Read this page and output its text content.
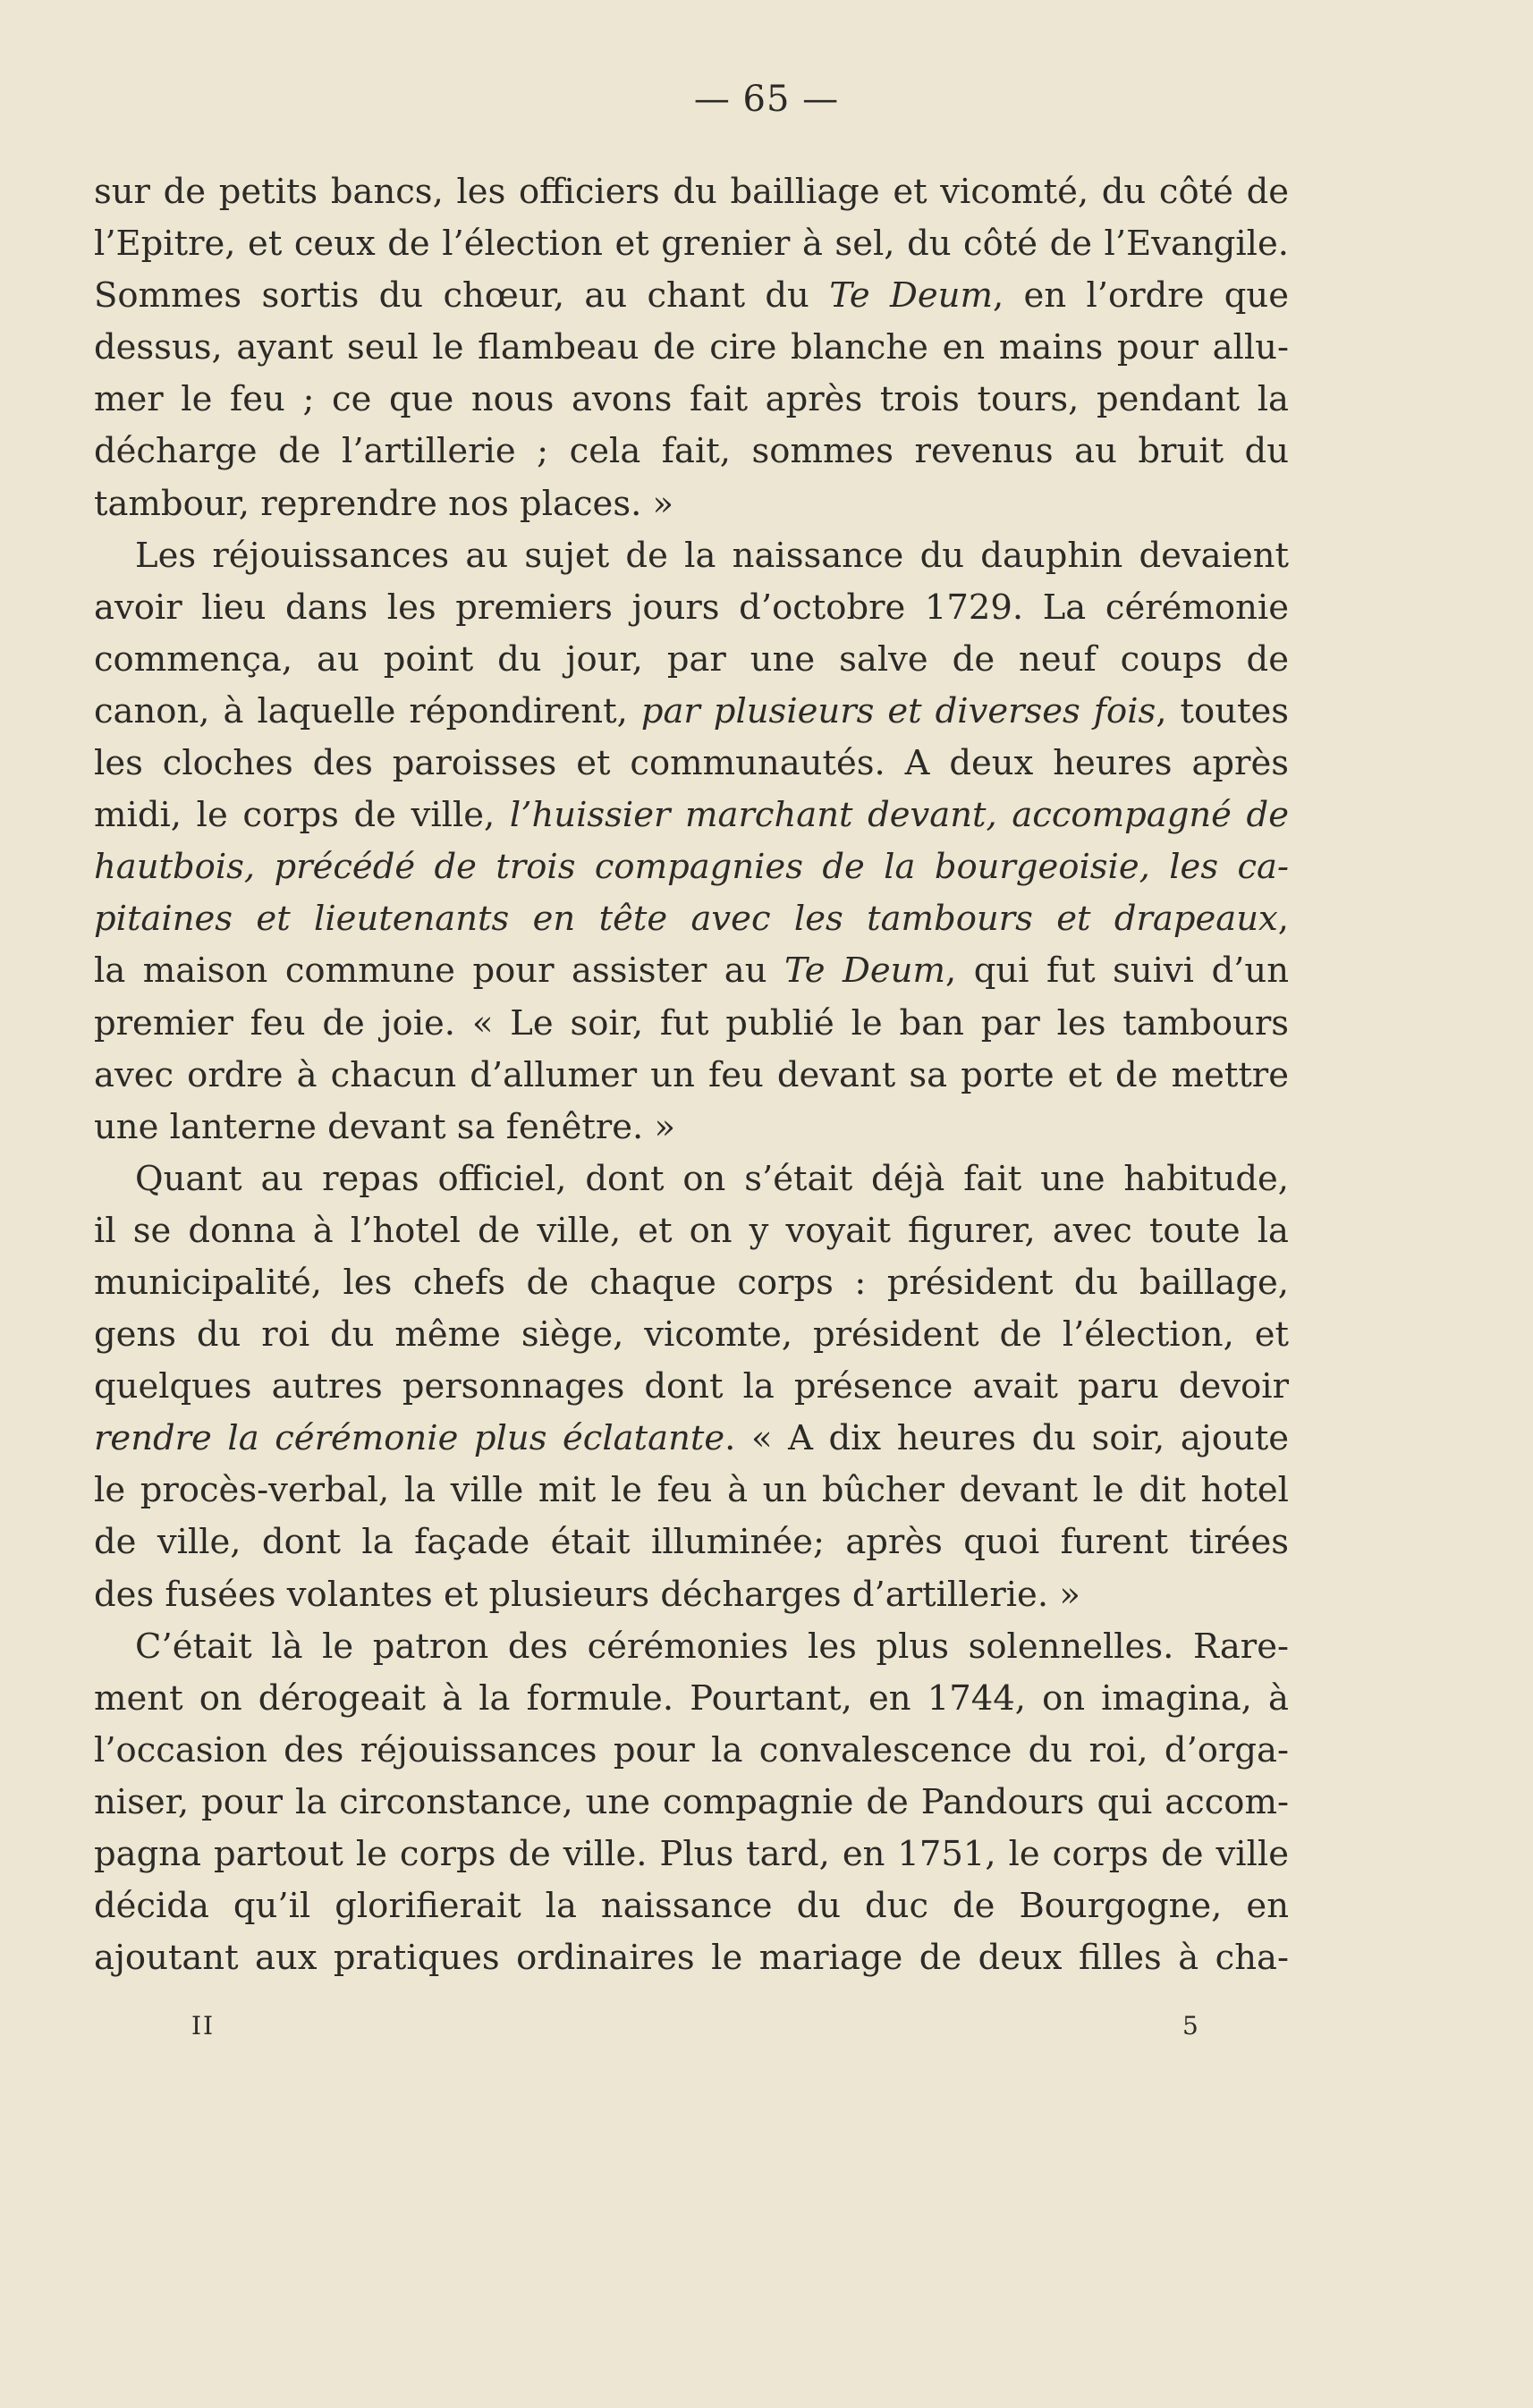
— 65 —
sur de petits bancs, les officiers du bailliage et vicomté, du côté de
l’Epitre, et ceux de l’élection et grenier à sel, du côté de l’Evangile.
Sommes sortis du chœur, au chant du Te Deum, en l’ordre que
dessus, ayant seul le flambeau de cire blanche en mains pour allu-
mer le feu ; ce que nous avons fait après trois tours, pendant la
décharge de l’artillerie ; cela fait, sommes revenus au bruit du
tambour, reprendre nos places. »
Les réjouissances au sujet de la naissance du dauphin devaient
avoir lieu dans les premiers jours d’octobre 1729. La cérémonie
commença, au point du jour, par une salve de neuf coups de
canon, à laquelle répondirent, par plusieurs et diverses fois, toutes
les cloches des paroisses et communautés. A deux heures après
midi, le corps de ville, l’huissier marchant devant, accompagné de
hautbois, précédé de trois compagnies de la bourgeoisie, les ca-
pitaines et lieutenants en tête avec les tambours et drapeaux,
la maison commune pour assister au Te Deum, qui fut suivi d’un
premier feu de joie. « Le soir, fut publié le ban par les tambours
avec ordre à chacun d’allumer un feu devant sa porte et de mettre
une lanterne devant sa fenêtre. »
Quant au repas officiel, dont on s’était déjà fait une habitude,
il se donna à l’hotel de ville, et on y voyait figurer, avec toute la
municipalité, les chefs de chaque corps : président du baillage,
gens du roi du même siège, vicomte, président de l’élection, et
quelques autres personnages dont la présence avait paru devoir
rendre la cérémonie plus éclatante. « A dix heures du soir, ajoute
le procès-verbal, la ville mit le feu à un bûcher devant le dit hotel
de ville, dont la façade était illuminée; après quoi furent tirées
des fusées volantes et plusieurs décharges d’artillerie. »
C’était là le patron des cérémonies les plus solennelles. Rare-
ment on dérogeait à la formule. Pourtant, en 1744, on imagina, à
l’occasion des réjouissances pour la convalescence du roi, d’orga-
niser, pour la circonstance, une compagnie de Pandours qui accom-
pagna partout le corps de ville. Plus tard, en 1751, le corps de ville
décida qu’il glorifierait la naissance du duc de Bourgogne, en
ajoutant aux pratiques ordinaires le mariage de deux filles à cha-
II	5
